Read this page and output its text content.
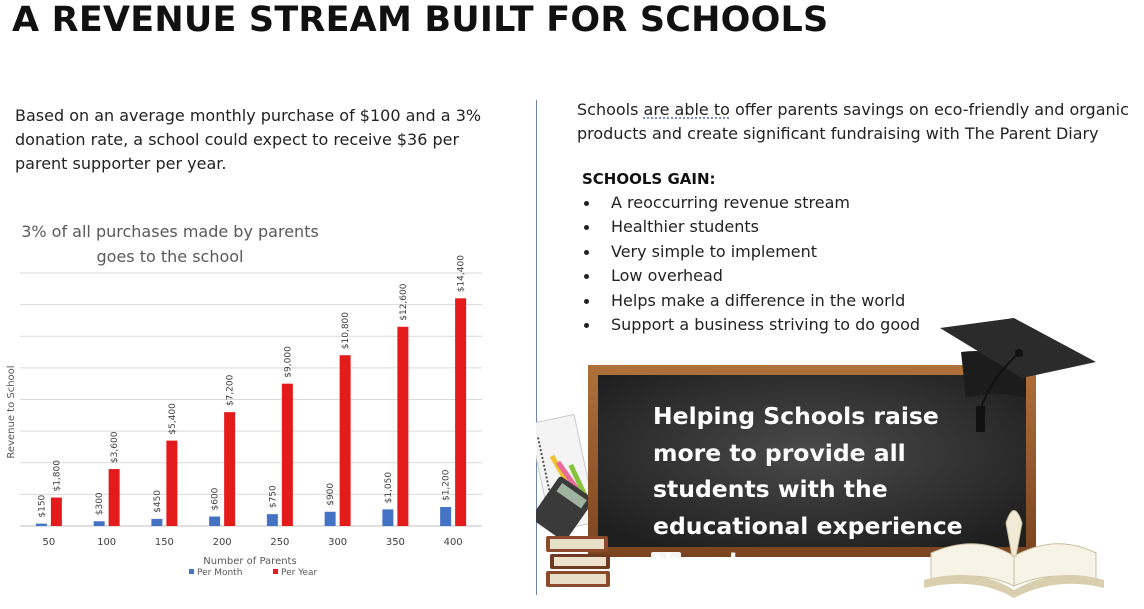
A REVENUE STREAM BUILT FOR SCHOOLS
Based on an average monthly purchase of $100 and a 3% donation rate, a school could expect to receive $36 per parent supporter per year.
3% of all purchases made by parents
goes to the school
Revenue to School
$150
$1,800
$300
$3,600
$450
$5,400
$600
$7,200
$750
$9,000
$900
$10,800
$1,050
$12,600
$1,200
$14,400
50	100	150	200	250	300	350	400
Number of Parents
Per Month	Per Year
Schools are able to offer parents savings on eco-friendly and organic products and create significant fundraising with The Parent Diary
SCHOOLS GAIN:
A reoccurring revenue stream
Healthier students
Very simple to implement
Low overhead
Helps make a difference in the world
Support a business striving to do good
Helping Schools raise more to provide all students with the educational experience they deserve.
